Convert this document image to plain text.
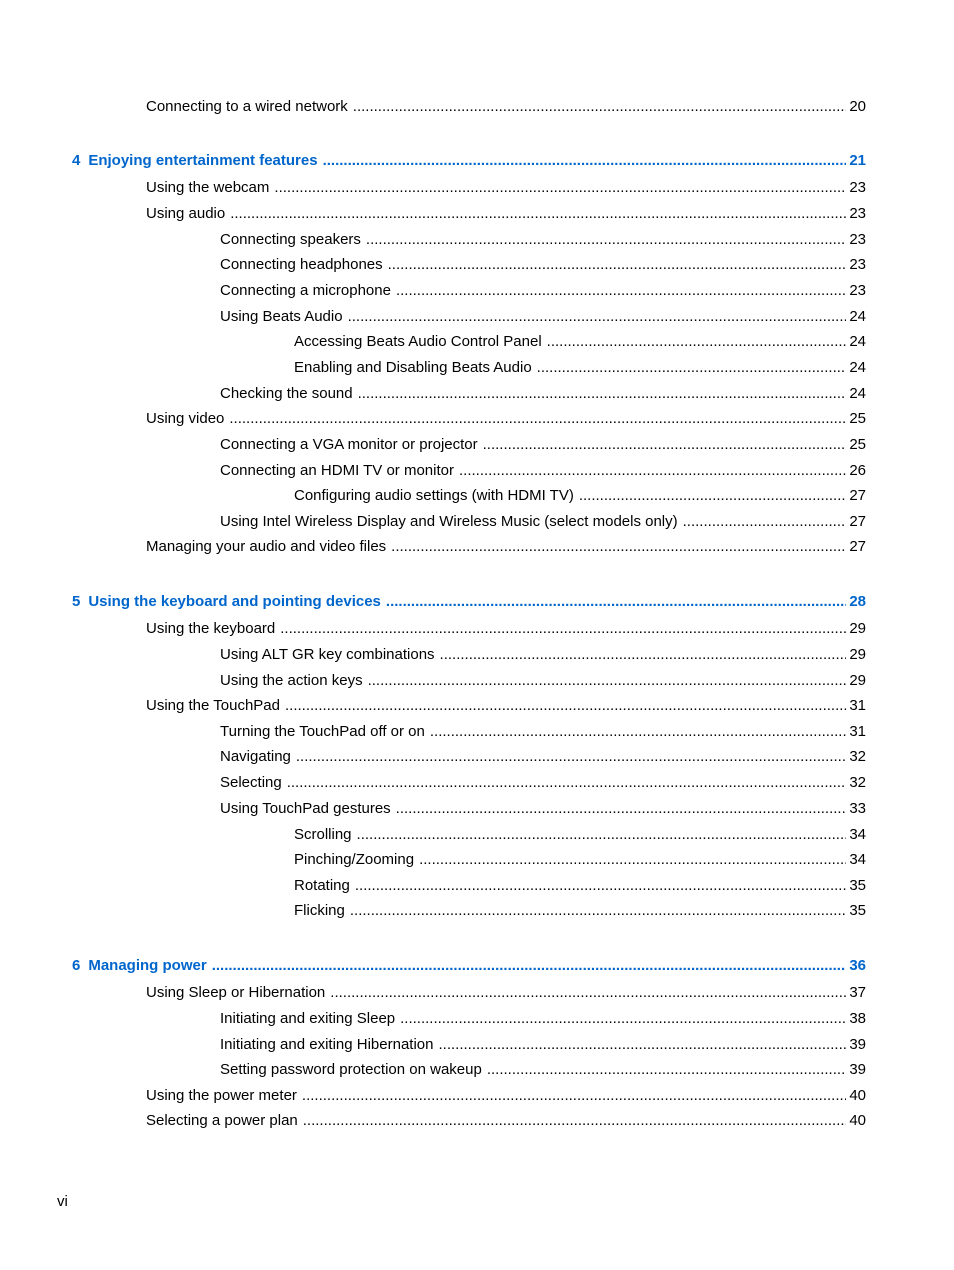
Connecting to a wired network .....	20
4 Enjoying entertainment features .....	21
Using the webcam .....	23
Using audio .....	23
Connecting speakers .....	23
Connecting headphones .....	23
Connecting a microphone .....	23
Using Beats Audio .....	24
Accessing Beats Audio Control Panel .....	24
Enabling and Disabling Beats Audio .....	24
Checking the sound .....	24
Using video .....	25
Connecting a VGA monitor or projector .....	25
Connecting an HDMI TV or monitor .....	26
Configuring audio settings (with HDMI TV) .....	27
Using Intel Wireless Display and Wireless Music (select models only) .....	27
Managing your audio and video files .....	27
5 Using the keyboard and pointing devices .....	28
Using the keyboard .....	29
Using ALT GR key combinations .....	29
Using the action keys .....	29
Using the TouchPad .....	31
Turning the TouchPad off or on .....	31
Navigating .....	32
Selecting .....	32
Using TouchPad gestures .....	33
Scrolling .....	34
Pinching/Zooming .....	34
Rotating .....	35
Flicking .....	35
6 Managing power .....	36
Using Sleep or Hibernation .....	37
Initiating and exiting Sleep .....	38
Initiating and exiting Hibernation .....	39
Setting password protection on wakeup .....	39
Using the power meter .....	40
Selecting a power plan .....	40
vi
